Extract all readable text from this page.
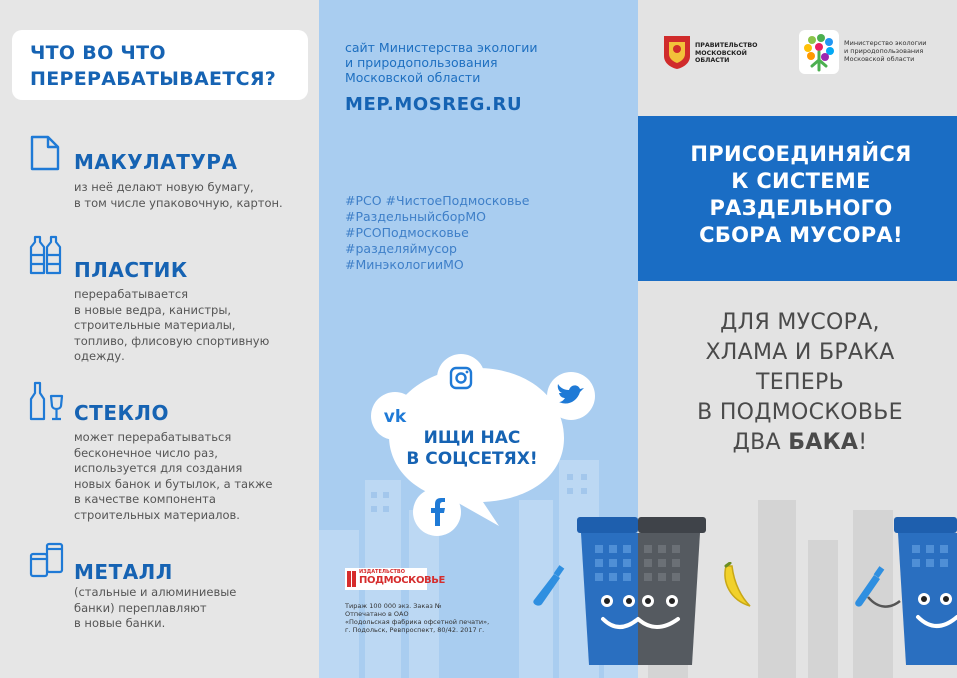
ЧТО ВО ЧТО
ПЕРЕРАБАТЫВАЕТСЯ?
МАКУЛАТУРА
из неё делают новую бумагу,
в том числе упаковочную, картон.
ПЛАСТИК
перерабатывается
в новые ведра, канистры,
строительные материалы,
топливо, флисовую спортивную
одежду.
СТЕКЛО
может перерабатываться
бесконечное число раз,
используется для создания
новых банок и бутылок, а также
в качестве компонента
строительных материалов.
МЕТАЛЛ
(стальные и алюминиевые
банки) переплавляют
в новые банки.
сайт Министерства экологии
и природопользования
Московской области
MEP.MOSREG.RU
#РСО #ЧистоеПодмосковье
#РаздельныйсборМО
#РСОПодмосковье
#разделяймусор
#МинэкологииМО
vk
ИЩИ НАС
В СОЦСЕТЯХ!
ИЗДАТЕЛЬСТВО
ПОДМОСКОВЬЕ
Тираж 100 000 экз. Заказ №
Отпечатано в ОАО
«Подольская фабрика офсетной печати»,
г. Подольск, Ревпроспект, 80/42. 2017 г.
ПРАВИТЕЛЬСТВО
МОСКОВСКОЙ
ОБЛАСТИ
Министерство экологии
и природопользования
Московской области
ПРИСОЕДИНЯЙСЯ
К СИСТЕМЕ
РАЗДЕЛЬНОГО
СБОРА МУСОРА!
ДЛЯ МУСОРА,
ХЛАМА И БРАКА
ТЕПЕРЬ
В ПОДМОСКОВЬЕ
ДВА БАКА!
